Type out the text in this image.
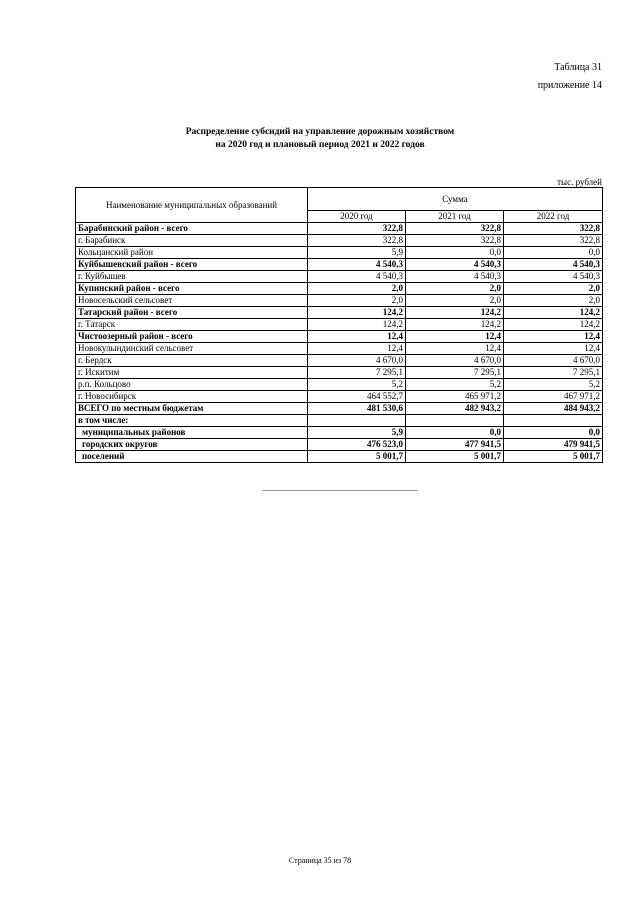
Таблица 31
приложение 14
Распределение субсидий на управление дорожным хозяйством
на 2020 год и плановый период 2021 и 2022 годов
тыс. рублей
Наименование муниципальных образований	Сумма		
	2020 год	2021 год	2022 год
Барабинский район - всего	322,8	322,8	322,8
г. Барабинск	322,8	322,8	322,8
Кольцанский район	5,9	0,0	0,0
Куйбышевский район - всего	4 540,3	4 540,3	4 540,3
г. Куйбышев	4 540,3	4 540,3	4 540,3
Купинский район - всего	2,0	2,0	2,0
Новосельский сельсовет	2,0	2,0	2,0
Татарский район - всего	124,2	124,2	124,2
г. Татарск	124,2	124,2	124,2
Чистоозерный район - всего	12,4	12,4	12,4
Новокулындинский сельсовет	12,4	12,4	12,4
г. Бердск	4 670,0	4 670,0	4 670,0
г. Искитим	7 295,1	7 295,1	7 295,1
р.п. Кольцово	5,2	5,2	5,2
г. Новосибирск	464 552,7	465 971,2	467 971,2
ВСЕГО по местным бюджетам	481 530,6	482 943,2	484 943,2
в том числе:			
муниципальных районов	5,9	0,0	0,0
городских округов	476 523,0	477 941,5	479 941,5
поселений	5 001,7	5 001,7	5 001,7
Страница 35 из 78
